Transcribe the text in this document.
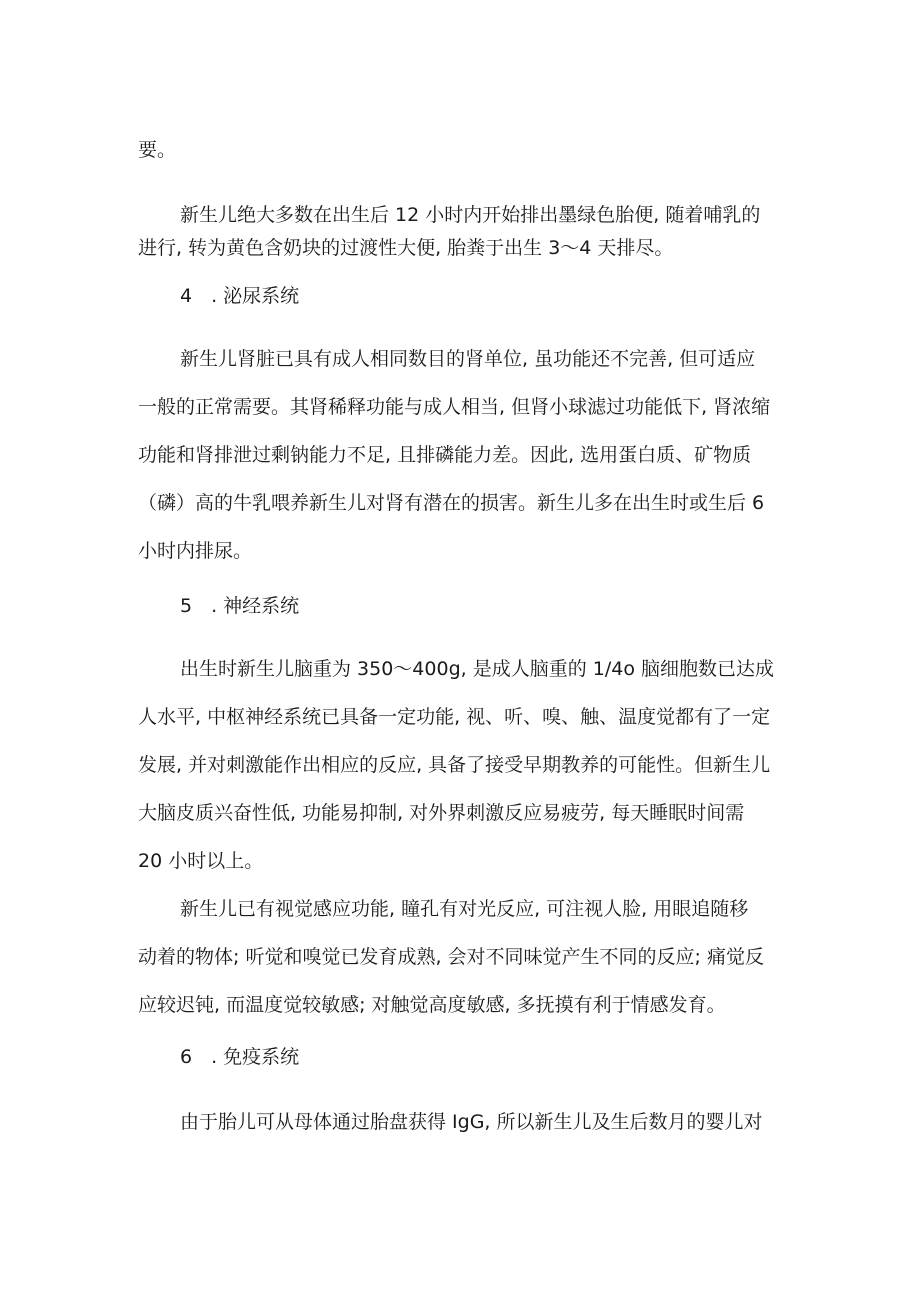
要。
新生儿绝大多数在出生后 12 小时内开始排出墨绿色胎便, 随着哺乳的
进行, 转为黄色含奶块的过渡性大便, 胎粪于出生 3～4 天排尽。
4　. 泌尿系统
新生儿肾脏已具有成人相同数目的肾单位, 虽功能还不完善, 但可适应
一般的正常需要。其肾稀释功能与成人相当, 但肾小球滤过功能低下, 肾浓缩
功能和肾排泄过剩钠能力不足, 且排磷能力差。因此, 选用蛋白质、矿物质
（磷）高的牛乳喂养新生儿对肾有潜在的损害。新生儿多在出生时或生后 6
小时内排尿。
5　. 神经系统
出生时新生儿脑重为 350～400g, 是成人脑重的 1/4o 脑细胞数已达成
人水平, 中枢神经系统已具备一定功能, 视、听、嗅、触、温度觉都有了一定
发展, 并对刺激能作出相应的反应, 具备了接受早期教养的可能性。但新生儿
大脑皮质兴奋性低, 功能易抑制, 对外界刺激反应易疲劳, 每天睡眠时间需
20 小时以上。
新生儿已有视觉感应功能, 瞳孔有对光反应, 可注视人脸, 用眼追随移
动着的物体; 听觉和嗅觉已发育成熟, 会对不同味觉产生不同的反应; 痛觉反
应较迟钝, 而温度觉较敏感; 对触觉高度敏感, 多抚摸有利于情感发育。
6　. 免疫系统
由于胎儿可从母体通过胎盘获得 IgG, 所以新生儿及生后数月的婴儿对
